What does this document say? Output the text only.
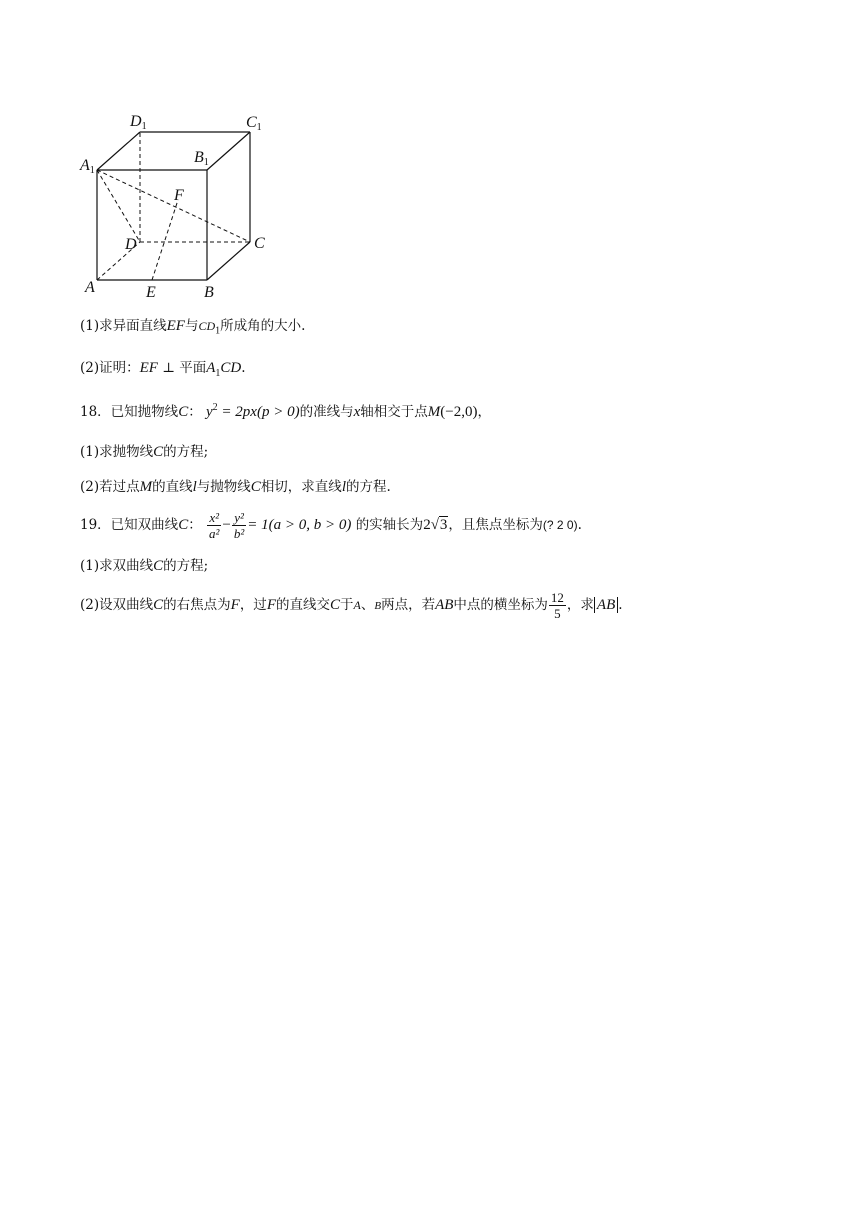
D1	C1
A1
B1
F
D	C
A	E	B
(1)求异面直线EF与$CD_1$所成角的大小.
(2)证明：EF ⊥ 平面$A_1CD$.
18．已知抛物线C： $y^2 = 2px(p > 0)$的准线与x轴相交于点M(−2,0)，
(1)求抛物线C的方程;
(2)若过点M的直线l与抛物线C相切，求直线l的方程.
19．已知双曲线C： $\frac{\text{x²}}{\text{a²}} - \frac{\text{y²}}{\text{b²}} = 1(a > 0$, b > 0) 的实轴长为2√3，且焦点坐标为(? 2 0).
(1)求双曲线C的方程;
(2)设双曲线C的右焦点为F，过F的直线交C于A、B两点，若AB中点的横坐标为 $\frac{12}{5}$ ，求 AB .
